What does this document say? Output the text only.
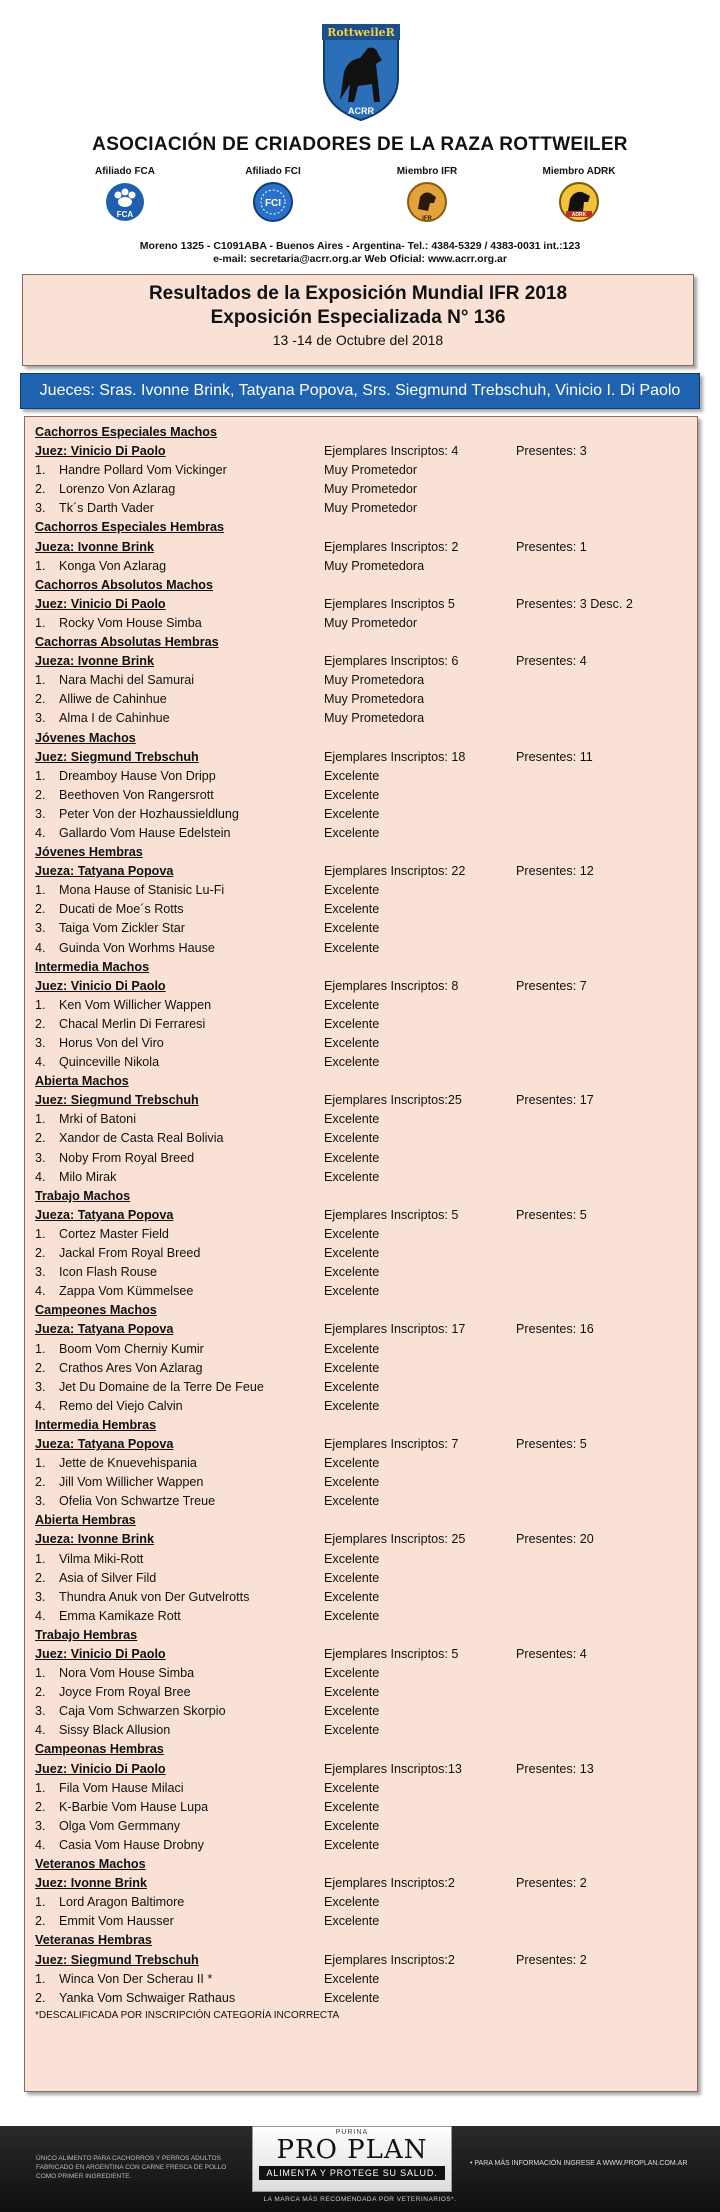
RottweileR
ACRR
ASOCIACIÓN DE CRIADORES DE LA RAZA ROTTWEILER
Afiliado FCA
FCA
Afiliado FCI
FCI
Miembro IFR
IFR
Miembro ADRK
ADRK
Moreno 1325 - C1091ABA - Buenos Aires - Argentina- Tel.: 4384-5329 / 4383-0031 int.:123
e-mail: secretaria@acrr.org.ar Web Oficial: www.acrr.org.ar
Resultados de la Exposición Mundial IFR 2018
Exposición Especializada N° 136
13 -14 de Octubre del 2018
Jueces: Sras. Ivonne Brink, Tatyana Popova, Srs. Siegmund Trebschuh, Vinicio I. Di Paolo
Cachorros Especiales Machos
Juez: Vinicio Di Paolo	Ejemplares Inscriptos: 4	Presentes: 3
1.	Handre Pollard Vom Vickinger	Muy Prometedor
2.	Lorenzo Von Azlarag	Muy Prometedor
3.	Tk´s Darth Vader	Muy Prometedor
Cachorros Especiales Hembras
Jueza: Ivonne Brink	Ejemplares Inscriptos: 2	Presentes: 1
1.	Konga Von Azlarag	Muy Prometedora
Cachorros Absolutos Machos
Juez: Vinicio Di Paolo	Ejemplares Inscriptos 5	Presentes: 3 Desc. 2
1.	Rocky Vom House Simba	Muy Prometedor
Cachorras Absolutas Hembras
Jueza: Ivonne Brink	Ejemplares Inscriptos: 6	Presentes: 4
1.	Nara Machi del Samurai	Muy Prometedora
2.	Alliwe de Cahinhue	Muy Prometedora
3.	Alma I de Cahinhue	Muy Prometedora
Jóvenes Machos
Juez: Siegmund Trebschuh	Ejemplares Inscriptos: 18	Presentes: 11
1.	Dreamboy Hause Von Dripp	Excelente
2.	Beethoven Von Rangersrott	Excelente
3.	Peter Von der Hozhaussieldlung	Excelente
4.	Gallardo Vom Hause Edelstein	Excelente
Jóvenes Hembras
Jueza: Tatyana Popova	Ejemplares Inscriptos: 22	Presentes: 12
1.	Mona Hause of Stanisic Lu-Fi	Excelente
2.	Ducati de Moe´s Rotts	Excelente
3.	Taiga Vom Zickler Star	Excelente
4.	Guinda Von Worhms Hause	Excelente
Intermedia Machos
Juez: Vinicio Di Paolo	Ejemplares Inscriptos: 8	Presentes: 7
1.	Ken Vom Willicher Wappen	Excelente
2.	Chacal Merlin Di Ferraresi	Excelente
3.	Horus Von del Viro	Excelente
4.	Quinceville Nikola	Excelente
Abierta Machos
Juez: Siegmund Trebschuh	Ejemplares Inscriptos:25	Presentes: 17
1.	Mrki of Batoni	Excelente
2.	Xandor de Casta Real Bolivia	Excelente
3.	Noby From Royal Breed	Excelente
4.	Milo Mirak	Excelente
Trabajo Machos
Jueza: Tatyana Popova	Ejemplares Inscriptos: 5	Presentes: 5
1.	Cortez Master Field	Excelente
2.	Jackal From Royal Breed	Excelente
3.	Icon Flash Rouse	Excelente
4.	Zappa Vom Kümmelsee	Excelente
Campeones Machos
Jueza: Tatyana Popova	Ejemplares Inscriptos: 17	Presentes: 16
1.	Boom Vom Cherniy Kumir	Excelente
2.	Crathos Ares Von Azlarag	Excelente
3.	Jet Du Domaine de la Terre De Feue	Excelente
4.	Remo del Viejo Calvin	Excelente
Intermedia Hembras
Jueza: Tatyana Popova	Ejemplares Inscriptos: 7	Presentes: 5
1.	Jette de Knuevehispania	Excelente
2.	Jill Vom Willicher Wappen	Excelente
3.	Ofelia Von Schwartze Treue	Excelente
Abierta Hembras
Jueza: Ivonne Brink	Ejemplares Inscriptos: 25	Presentes: 20
1.	Vilma Miki-Rott	Excelente
2.	Asia of Silver Fild	Excelente
3.	Thundra Anuk von Der Gutvelrotts	Excelente
4.	Emma Kamikaze Rott	Excelente
Trabajo Hembras
Juez: Vinicio Di Paolo	Ejemplares Inscriptos: 5	Presentes: 4
1.	Nora Vom House Simba	Excelente
2.	Joyce From Royal Bree	Excelente
3.	Caja Vom Schwarzen Skorpio	Excelente
4.	Sissy Black Allusion	Excelente
Campeonas Hembras
Juez: Vinicio Di Paolo	Ejemplares Inscriptos:13	Presentes: 13
1.	Fila Vom Hause Milaci	Excelente
2.	K-Barbie Vom Hause Lupa	Excelente
3.	Olga Vom Germmany	Excelente
4.	Casia Vom Hause Drobny	Excelente
Veteranos Machos
Juez: Ivonne Brink	Ejemplares Inscriptos:2	Presentes: 2
1.	Lord Aragon Baltimore	Excelente
2.	Emmit Vom Hausser	Excelente
Veteranas Hembras
Juez: Siegmund Trebschuh	Ejemplares Inscriptos:2	Presentes: 2
1.	Winca Von Der Scherau II *	Excelente
2.	Yanka Vom Schwaiger Rathaus	Excelente
*DESCALIFICADA POR INSCRIPCIÓN CATEGORÍA INCORRECTA
PURINA
PRO PLAN
ALIMENTA Y PROTEGE SU SALUD.
ÚNICO ALIMENTO PARA CACHORROS Y PERROS ADULTOS FABRICADO EN ARGENTINA CON CARNE FRESCA DE POLLO COMO PRIMER INGREDIENTE.
• PARA MÁS INFORMACIÓN INGRESE A WWW.PROPLAN.COM.AR
LA MARCA MÁS RECOMENDADA POR VETERINARIOS*.
